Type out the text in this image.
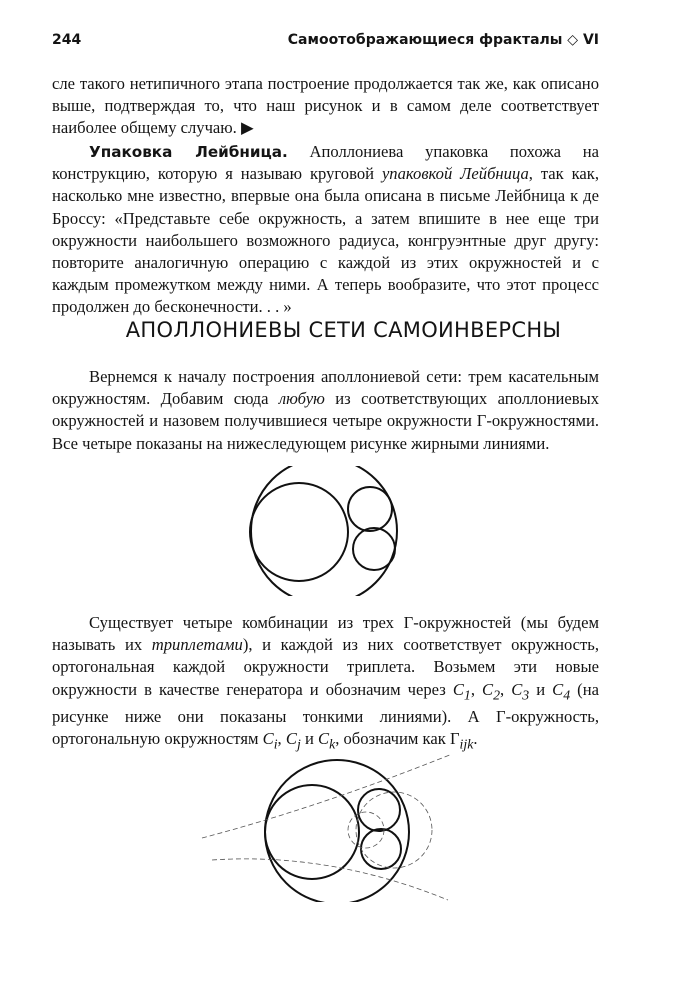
244	Самоотображающиеся фракталы ◇ VI

сле такого нетипичного этапа построение продолжается так же, как описано выше, подтверждая то, что наш рисунок и в самом деле соответствует наиболее общему случаю. ▶

Упаковка Лейбница. Аполлониева упаковка похожа на конструкцию, которую я называю круговой упаковкой Лейбница, так как, насколько мне известно, впервые она была описана в письме Лейбница к де Броссу: «Представьте себе окружность, а затем впишите в нее еще три окружности наибольшего возможного радиуса, конгруэнтные друг другу: повторите аналогичную операцию с каждой из этих окружностей и с каждым промежутком между ними. А теперь вообразите, что этот процесс продолжен до бесконечности. . . »

АПОЛЛОНИЕВЫ СЕТИ САМОИНВЕРСНЫ

Вернемся к началу построения аполлониевой сети: трем касательным окружностям. Добавим сюда любую из соответствующих аполлониевых окружностей и назовем получившиеся четыре окружности Г-окружностями. Все четыре показаны на нижеследующем рисунке жирными линиями.

Существует четыре комбинации из трех Г-окружностей (мы будем называть их триплетами), и каждой из них соответствует окружность, ортогональная каждой окружности триплета. Возьмем эти новые окружности в качестве генератора и обозначим через $C_1$, $C_2$, $C_3$ и $C_4$ (на рисунке ниже они показаны тонкими линиями). А Г-окружность, ортогональную окружностям $C_i$, $C_j$ и $C_k$, обозначим как $\Gamma_{ijk}$.
